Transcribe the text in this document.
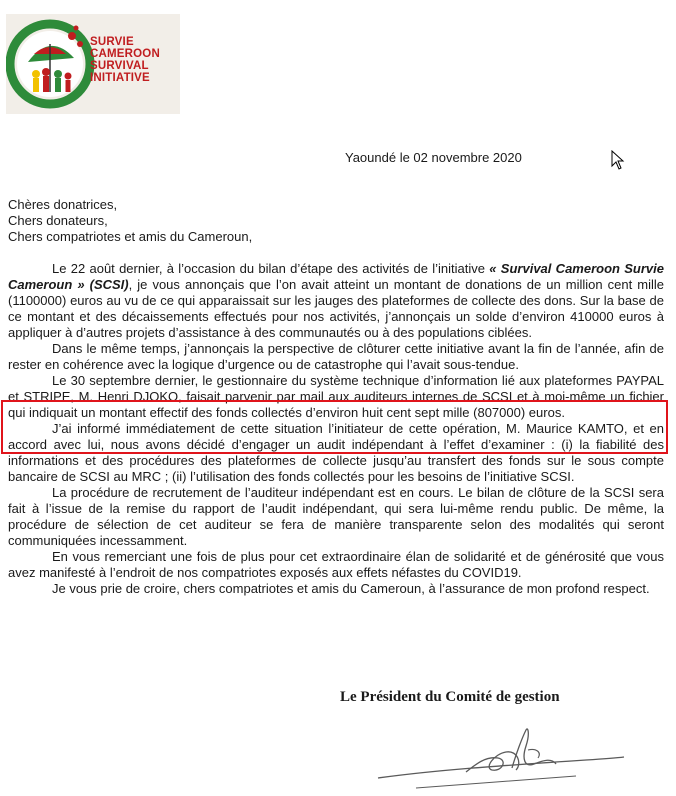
SURVIE
CAMEROON
SURVIVAL
INITIATIVE
Yaoundé le 02 novembre 2020

Chères donatrices,

Chers donateurs,

Chers compatriotes et amis du Cameroun,

Le 22 août dernier, à l’occasion du bilan d’étape des activités de l’initiative « Survival Cameroon Survie Cameroun » (SCSI), je vous annonçais que l’on avait atteint un montant de donations de un million cent mille (1100000) euros au vu de ce qui apparaissait sur les jauges des plateformes de collecte des dons. Sur la base de ce montant et des décaissements effectués pour nos activités, j’annonçais un solde d’environ 410000 euros à appliquer à d’autres projets d’assistance à des communautés ou à des populations ciblées.

Dans le même temps, j’annonçais la perspective de clôturer cette initiative avant la fin de l’année, afin de rester en cohérence avec la logique d’urgence ou de catastrophe qui l’avait sous-tendue.

Le 30 septembre dernier, le gestionnaire du système technique d’information lié aux plateformes PAYPAL et STRIPE, M. Henri DJOKO, faisait parvenir par mail aux auditeurs internes de SCSI et à moi-même un fichier qui indiquait un montant effectif des fonds collectés d’environ huit cent sept mille (807000) euros.

J’ai informé immédiatement de cette situation l’initiateur de cette opération, M. Maurice KAMTO, et en accord avec lui, nous avons décidé d’engager un audit indépendant à l’effet d’examiner : (i) la fiabilité des informations et des procédures des plateformes de collecte jusqu’au transfert des fonds sur le sous compte bancaire de SCSI au MRC ; (ii) l’utilisation des fonds collectés pour les besoins de l’initiative SCSI.

La procédure de recrutement de l’auditeur indépendant est en cours. Le bilan de clôture de la SCSI sera fait à l’issue de la remise du rapport de l’audit indépendant, qui sera lui-même rendu public. De même, la procédure de sélection de cet auditeur se fera de manière transparente selon des modalités qui seront communiquées incessamment.

En vous remerciant une fois de plus pour cet extraordinaire élan de solidarité et de générosité que vous avez manifesté à l’endroit de nos compatriotes exposés aux effets néfastes du COVID19.

Je vous prie de croire, chers compatriotes et amis du Cameroun, à l’assurance de mon profond respect.

Le Président du Comité de gestion
